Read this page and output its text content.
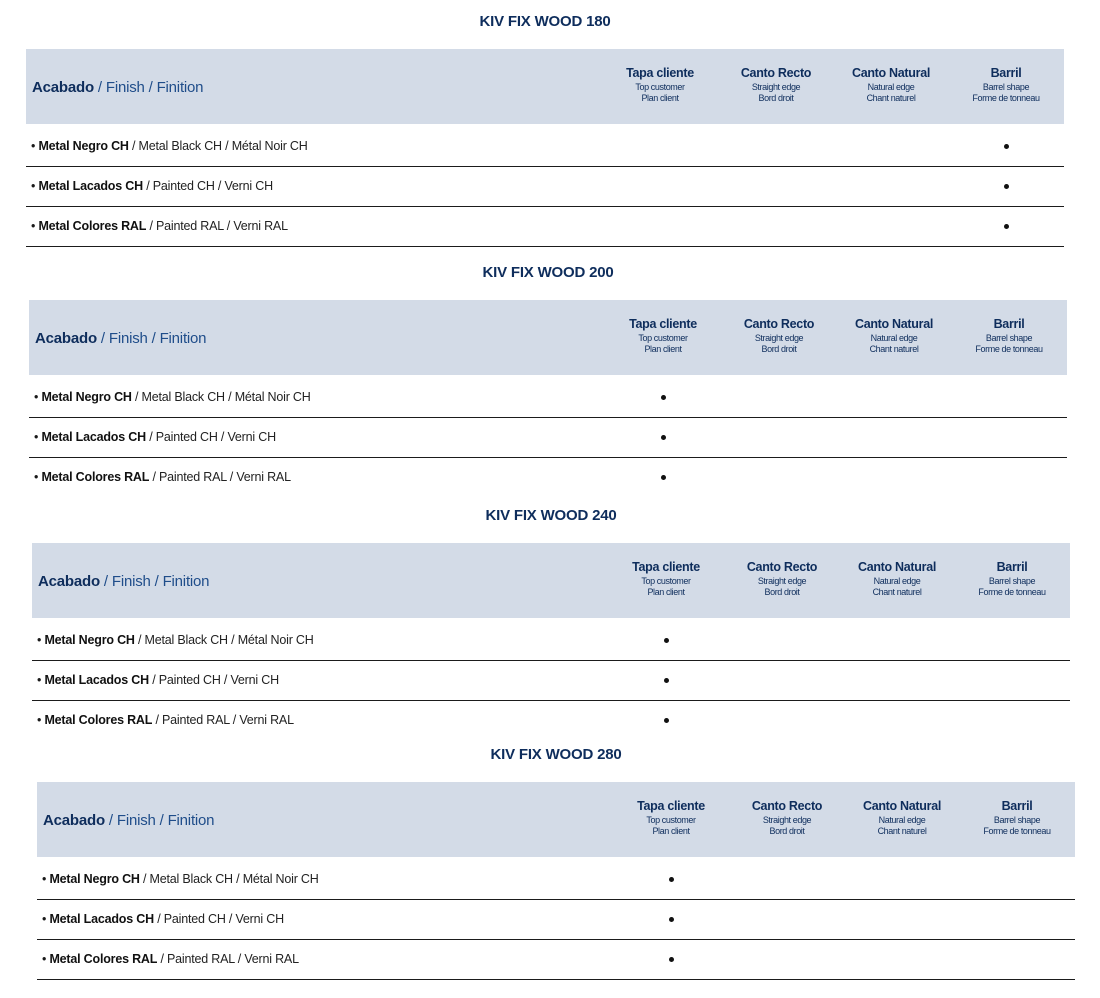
KIV FIX WOOD 180
Acabado / Finish / Finition
Tapa cliente
Top customer
Plan client
Canto Recto
Straight edge
Bord droit
Canto Natural
Natural edge
Chant naturel
Barril
Barrel shape
Forme de tonneau
• Metal Negro CH / Metal Black CH / Métal Noir CH
• Metal Lacados CH / Painted CH / Verni CH
• Metal Colores RAL / Painted RAL / Verni RAL
KIV FIX WOOD 200
Acabado / Finish / Finition
Tapa cliente
Top customer
Plan client
Canto Recto
Straight edge
Bord droit
Canto Natural
Natural edge
Chant naturel
Barril
Barrel shape
Forme de tonneau
• Metal Negro CH / Metal Black CH / Métal Noir CH
• Metal Lacados CH / Painted CH / Verni CH
• Metal Colores RAL / Painted RAL / Verni RAL
KIV FIX WOOD 240
Acabado / Finish / Finition
Tapa cliente
Top customer
Plan client
Canto Recto
Straight edge
Bord droit
Canto Natural
Natural edge
Chant naturel
Barril
Barrel shape
Forme de tonneau
• Metal Negro CH / Metal Black CH / Métal Noir CH
• Metal Lacados CH / Painted CH / Verni CH
• Metal Colores RAL / Painted RAL / Verni RAL
KIV FIX WOOD 280
Acabado / Finish / Finition
Tapa cliente
Top customer
Plan client
Canto Recto
Straight edge
Bord droit
Canto Natural
Natural edge
Chant naturel
Barril
Barrel shape
Forme de tonneau
• Metal Negro CH / Metal Black CH / Métal Noir CH
• Metal Lacados CH / Painted CH / Verni CH
• Metal Colores RAL / Painted RAL / Verni RAL
